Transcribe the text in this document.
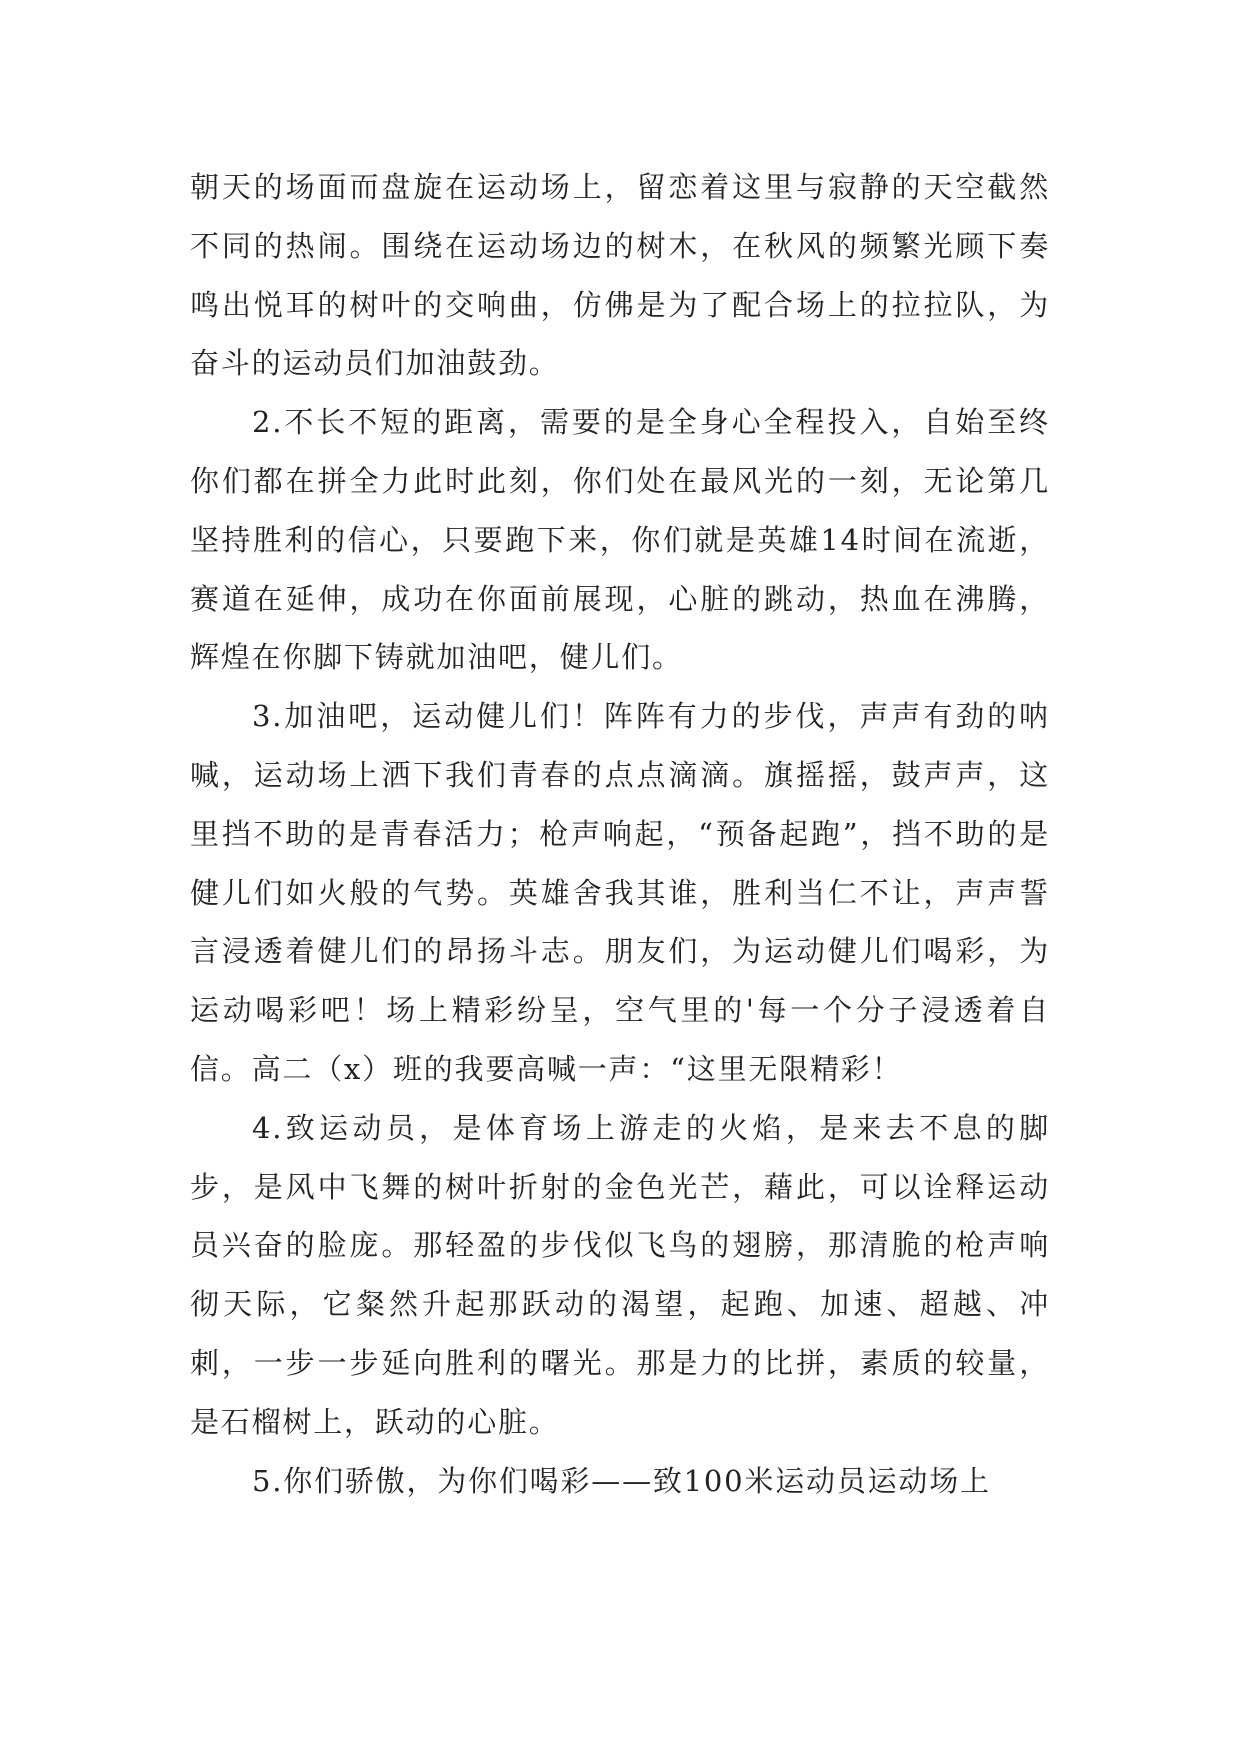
朝天的场面而盘旋在运动场上，留恋着这里与寂静的天空截然不同的热闹。围绕在运动场边的树木，在秋风的频繁光顾下奏鸣出悦耳的树叶的交响曲，仿佛是为了配合场上的拉拉队，为奋斗的运动员们加油鼓劲。

2.不长不短的距离，需要的是全身心全程投入，自始至终你们都在拼全力此时此刻，你们处在最风光的一刻，无论第几坚持胜利的信心，只要跑下来，你们就是英雄14时间在流逝，赛道在延伸，成功在你面前展现，心脏的跳动，热血在沸腾，辉煌在你脚下铸就加油吧，健儿们。

3.加油吧，运动健儿们！阵阵有力的步伐，声声有劲的呐喊，运动场上洒下我们青春的点点滴滴。旗摇摇，鼓声声，这里挡不助的是青春活力；枪声响起，“预备起跑”，挡不助的是健儿们如火般的气势。英雄舍我其谁，胜利当仁不让，声声誓言浸透着健儿们的昂扬斗志。朋友们，为运动健儿们喝彩，为运动喝彩吧！场上精彩纷呈，空气里的'每一个分子浸透着自信。高二（x）班的我要高喊一声：“这里无限精彩！

4.致运动员，是体育场上游走的火焰，是来去不息的脚步，是风中飞舞的树叶折射的金色光芒，藉此，可以诠释运动员兴奋的脸庞。那轻盈的步伐似飞鸟的翅膀，那清脆的枪声响彻天际，它粲然升起那跃动的渴望，起跑、加速、超越、冲刺，一步一步延向胜利的曙光。那是力的比拼，素质的较量，是石榴树上，跃动的心脏。

5.你们骄傲，为你们喝彩——致100米运动员运动场上
